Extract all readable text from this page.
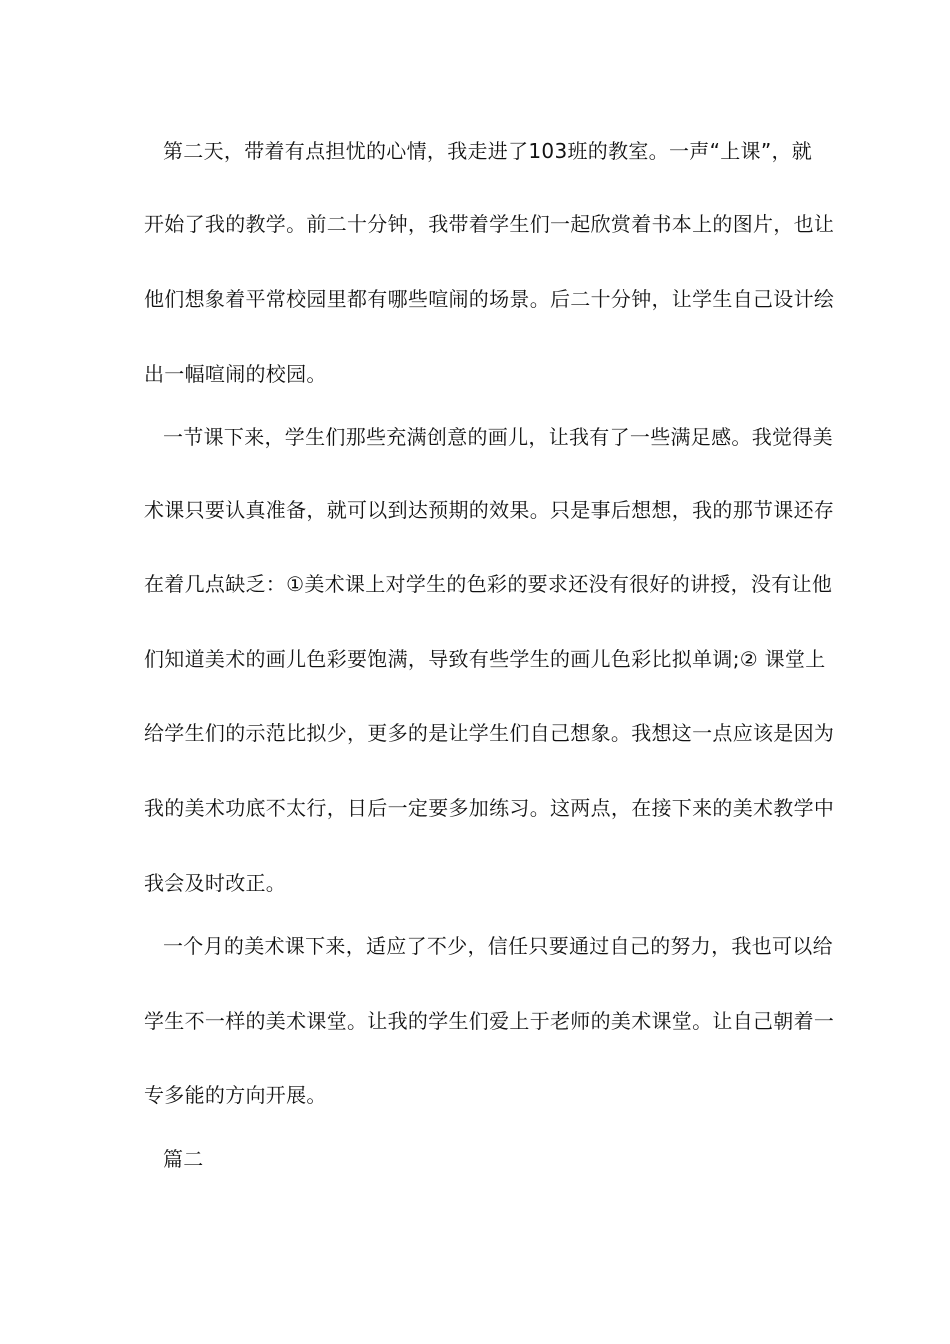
第二天，带着有点担忧的心情，我走进了103班的教室。一声“上课”，就
开始了我的教学。前二十分钟，我带着学生们一起欣赏着书本上的图片，也让
他们想象着平常校园里都有哪些喧闹的场景。后二十分钟，让学生自己设计绘
出一幅喧闹的校园。
一节课下来，学生们那些充满创意的画儿，让我有了一些满足感。我觉得美
术课只要认真准备，就可以到达预期的效果。只是事后想想，我的那节课还存
在着几点缺乏：①美术课上对学生的色彩的要求还没有很好的讲授，没有让他
们知道美术的画儿色彩要饱满，导致有些学生的画儿色彩比拟单调;② 课堂上
给学生们的示范比拟少，更多的是让学生们自己想象。我想这一点应该是因为
我的美术功底不太行，日后一定要多加练习。这两点，在接下来的美术教学中
我会及时改正。
一个月的美术课下来，适应了不少，信任只要通过自己的努力，我也可以给
学生不一样的美术课堂。让我的学生们爱上于老师的美术课堂。让自己朝着一
专多能的方向开展。
篇二
